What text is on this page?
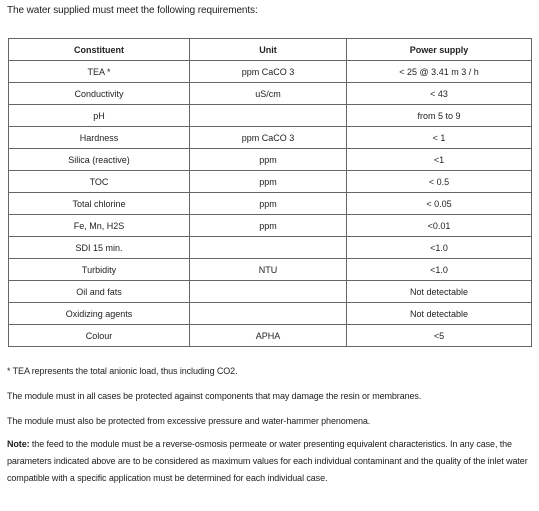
The water supplied must meet the following requirements:
Constituent	Unit	Power supply
TEA *	ppm CaCO 3	< 25 @ 3.41 m 3 / h
Conductivity	uS/cm	< 43
pH		from 5 to 9
Hardness	ppm CaCO 3	< 1
Silica (reactive)	ppm	<1
TOC	ppm	< 0.5
Total chlorine	ppm	< 0.05
Fe, Mn, H2S	ppm	<0.01
SDI 15 min.		<1.0
Turbidity	NTU	<1.0
Oil and fats		Not detectable
Oxidizing agents		Not detectable
Colour	APHA	<5

* TEA represents the total anionic load, thus including CO2.

The module must in all cases be protected against components that may damage the resin or membranes.

The module must also be protected from excessive pressure and water-hammer phenomena.

Note: the feed to the module must be a reverse-osmosis permeate or water presenting equivalent characteristics. In any case, the parameters indicated above are to be considered as maximum values for each individual contaminant and the quality of the inlet water compatible with a specific application must be determined for each individual case.
